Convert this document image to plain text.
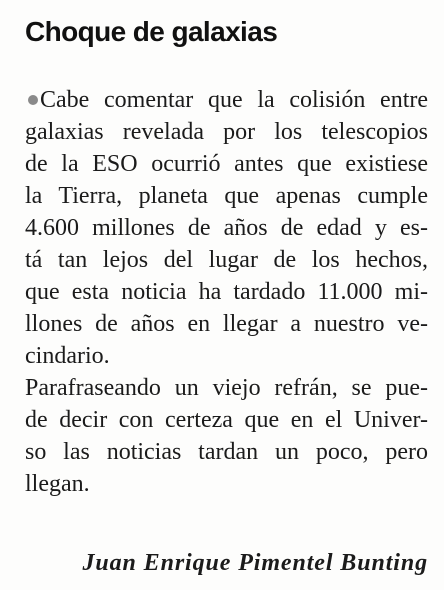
Choque de galaxias
Cabe comentar que la colisión entre
galaxias revelada por los telescopios
de la ESO ocurrió antes que existiese
la Tierra, planeta que apenas cumple
4.600 millones de años de edad y es-
tá tan lejos del lugar de los hechos,
que esta noticia ha tardado 11.000 mi-
llones de años en llegar a nuestro ve-
cindario.
Parafraseando un viejo refrán, se pue-
de decir con certeza que en el Univer-
so las noticias tardan un poco, pero
llegan.
Juan Enrique Pimentel Bunting
